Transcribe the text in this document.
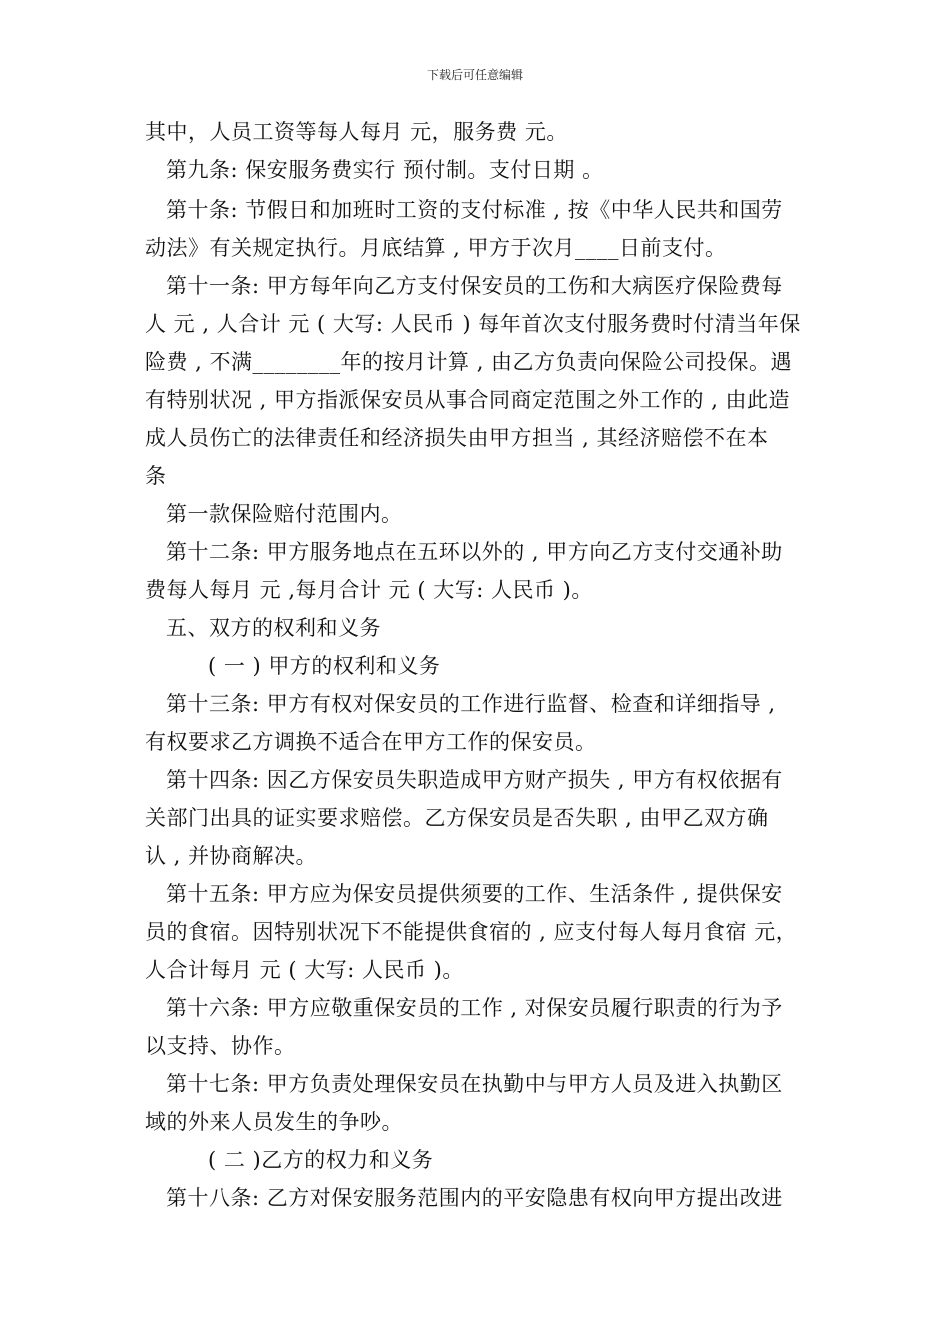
下载后可任意编辑
其中，人员工资等每人每月 元，服务费 元。
第九条: 保安服务费实行 预付制。支付日期 。
第十条: 节假日和加班时工资的支付标准 , 按《中华人民共和国劳
动法》有关规定执行。月底结算 , 甲方于次月____日前支付。
第十一条: 甲方每年向乙方支付保安员的工伤和大病医疗保险费每
人 元 , 人合计 元 ( 大写: 人民币 ) 每年首次支付服务费时付清当年保
险费 , 不满________年的按月计算 , 由乙方负责向保险公司投保。遇
有特别状况 , 甲方指派保安员从事合同商定范围之外工作的 , 由此造
成人员伤亡的法律责任和经济损失由甲方担当 , 其经济赔偿不在本
条
第一款保险赔付范围内。
第十二条: 甲方服务地点在五环以外的 , 甲方向乙方支付交通补助
费每人每月 元 ,每月合计 元 ( 大写: 人民币 )。
五、双方的权利和义务
( 一 ) 甲方的权利和义务
第十三条: 甲方有权对保安员的工作进行监督、检查和详细指导 ,
有权要求乙方调换不适合在甲方工作的保安员。
第十四条: 因乙方保安员失职造成甲方财产损失 , 甲方有权依据有
关部门出具的证实要求赔偿。乙方保安员是否失职 , 由甲乙双方确
认 , 并协商解决。
第十五条: 甲方应为保安员提供须要的工作、生活条件 , 提供保安
员的食宿。因特别状况下不能提供食宿的 , 应支付每人每月食宿 元，
人合计每月 元 ( 大写: 人民币 )。
第十六条: 甲方应敬重保安员的工作 , 对保安员履行职责的行为予
以支持、协作。
第十七条: 甲方负责处理保安员在执勤中与甲方人员及进入执勤区
域的外来人员发生的争吵。
( 二 )乙方的权力和义务
第十八条: 乙方对保安服务范围内的平安隐患有权向甲方提出改进
